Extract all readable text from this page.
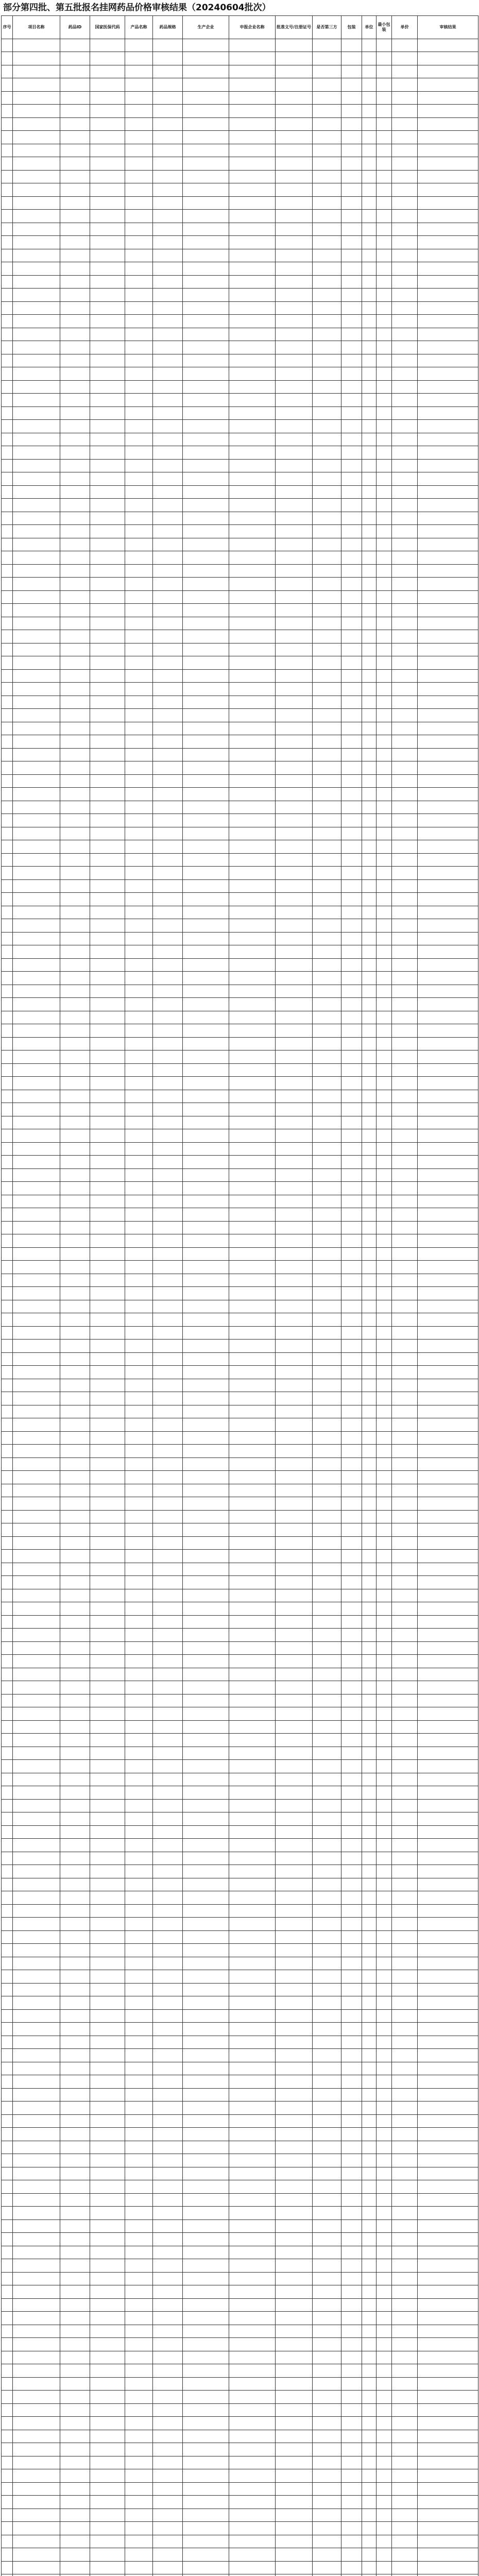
部分第四批、第五批报名挂网药品价格审核结果（20240604批次）
序号	项目名称	药品ID	国家医保代码	产品名称	药品规格	生产企业	申报企业名称	批准文号/注册证号	是否第三方	包装	单位	最小包装	单价	审核结果
